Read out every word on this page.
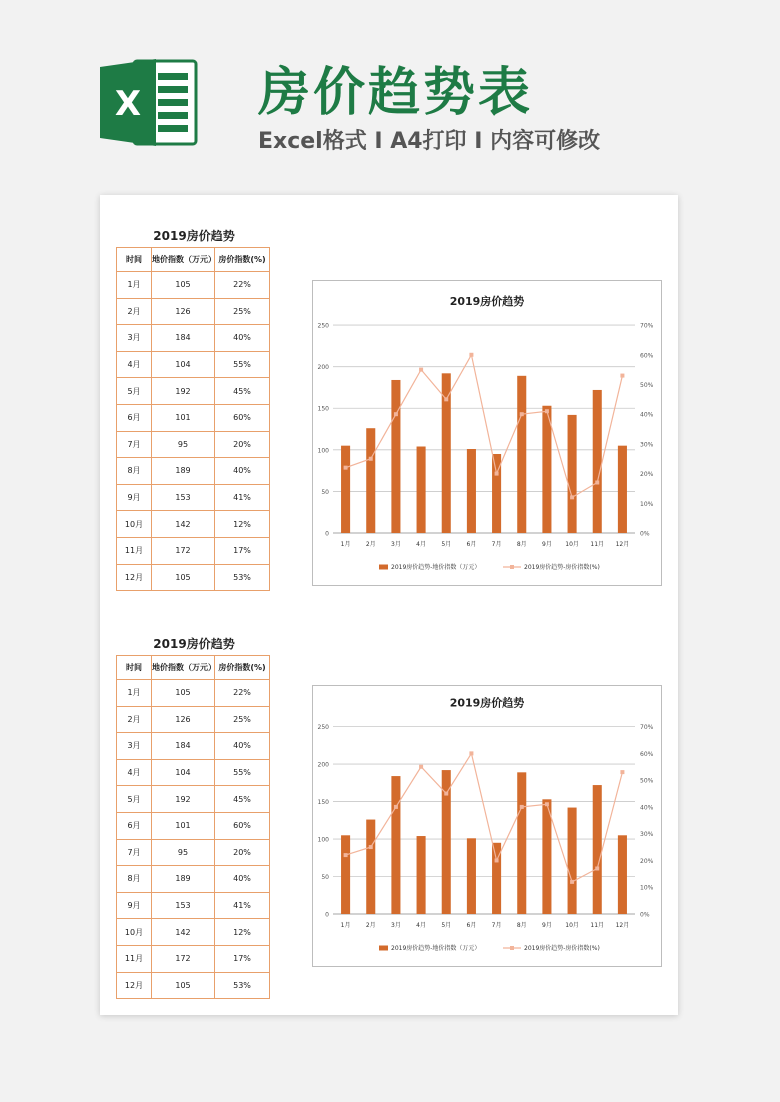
X 房价趋势表
Excel格式 I A4打印 I 内容可修改
2019房价趋势
时间	地价指数（万元）	房价指数(%)
1月	105	22%
2月	126	25%
3月	184	40%
4月	104	55%
5月	192	45%
6月	101	60%
7月	95	20%
8月	189	40%
9月	153	41%
10月	142	12%
11月	172	17%
12月	105	53%
2019房价趋势
0
50
100
150
200
250
0%
10%
20%
30%
40%
50%
60%
70%
1月	2月	3月	4月	5月	6月	7月	8月	9月 10月 11月 12月
2019房价趋势-地价指数（万元）	2019房价趋势-房价指数(%)
2019房价趋势
时间	地价指数（万元）	房价指数(%)
1月	105	22%
2月	126	25%
3月	184	40%
4月	104	55%
5月	192	45%
6月	101	60%
7月	95	20%
8月	189	40%
9月	153	41%
10月	142	12%
11月	172	17%
12月	105	53%
2019房价趋势
0
50
100
150
200
250
0%
10%
20%
30%
40%
50%
60%
70%
1月	2月	3月	4月	5月	6月	7月	8月	9月 10月 11月 12月
2019房价趋势-地价指数（万元）	2019房价趋势-房价指数(%)
